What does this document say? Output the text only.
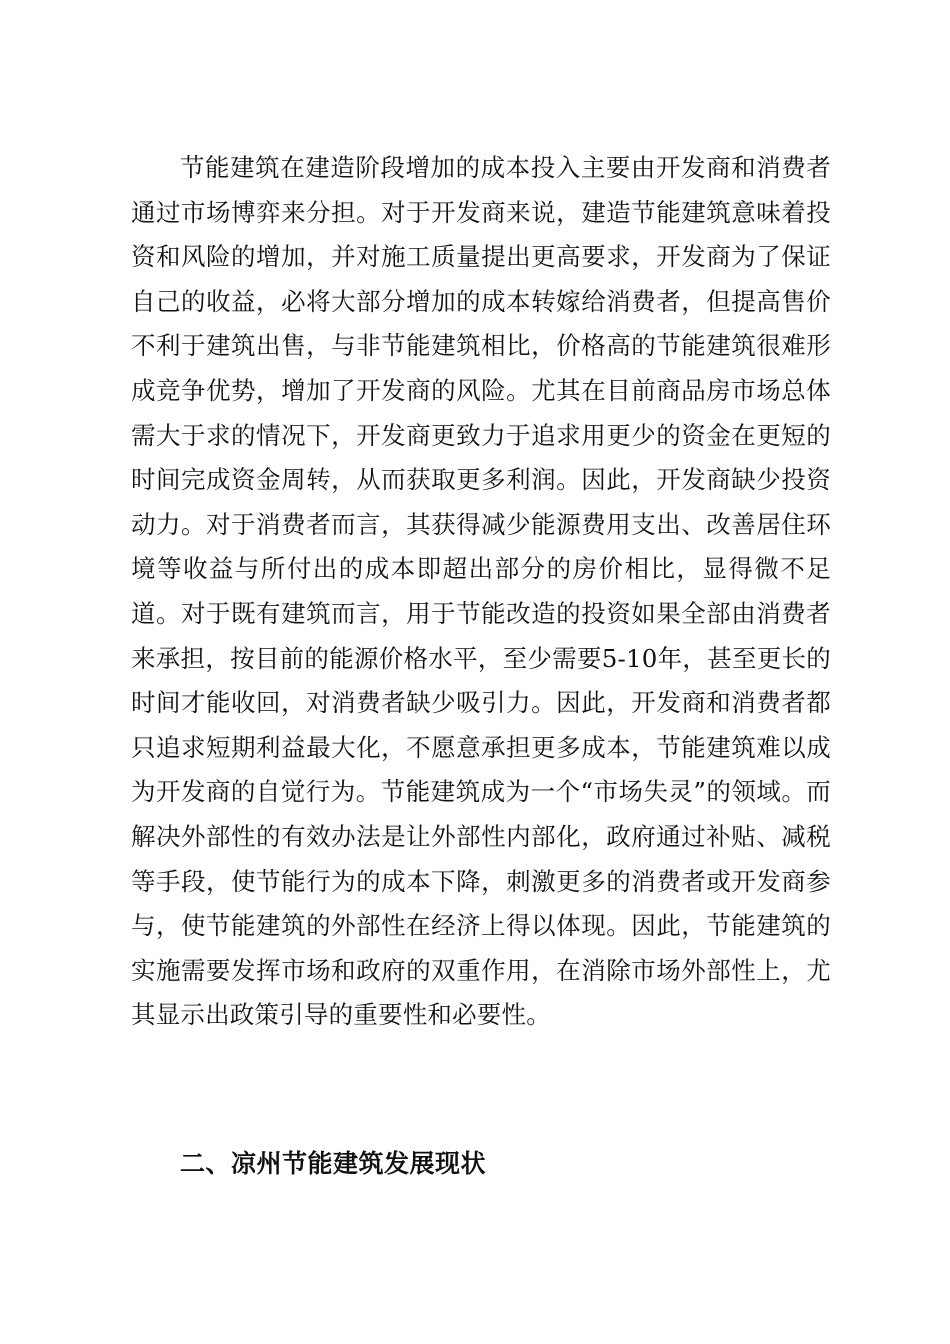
节能建筑在建造阶段增加的成本投入主要由开发商和消费者通过市场博弈来分担。对于开发商来说，建造节能建筑意味着投资和风险的增加，并对施工质量提出更高要求，开发商为了保证自己的收益，必将大部分增加的成本转嫁给消费者，但提高售价不利于建筑出售，与非节能建筑相比，价格高的节能建筑很难形成竞争优势，增加了开发商的风险。尤其在目前商品房市场总体需大于求的情况下，开发商更致力于追求用更少的资金在更短的时间完成资金周转，从而获取更多利润。因此，开发商缺少投资动力。对于消费者而言，其获得减少能源费用支出、改善居住环境等收益与所付出的成本即超出部分的房价相比，显得微不足道。对于既有建筑而言，用于节能改造的投资如果全部由消费者来承担，按目前的能源价格水平，至少需要5-10年，甚至更长的时间才能收回，对消费者缺少吸引力。因此，开发商和消费者都只追求短期利益最大化，不愿意承担更多成本，节能建筑难以成为开发商的自觉行为。节能建筑成为一个“市场失灵”的领域。而解决外部性的有效办法是让外部性内部化，政府通过补贴、减税等手段，使节能行为的成本下降，刺激更多的消费者或开发商参与，使节能建筑的外部性在经济上得以体现。因此，节能建筑的实施需要发挥市场和政府的双重作用，在消除市场外部性上，尤其显示出政策引导的重要性和必要性。

二、凉州节能建筑发展现状
